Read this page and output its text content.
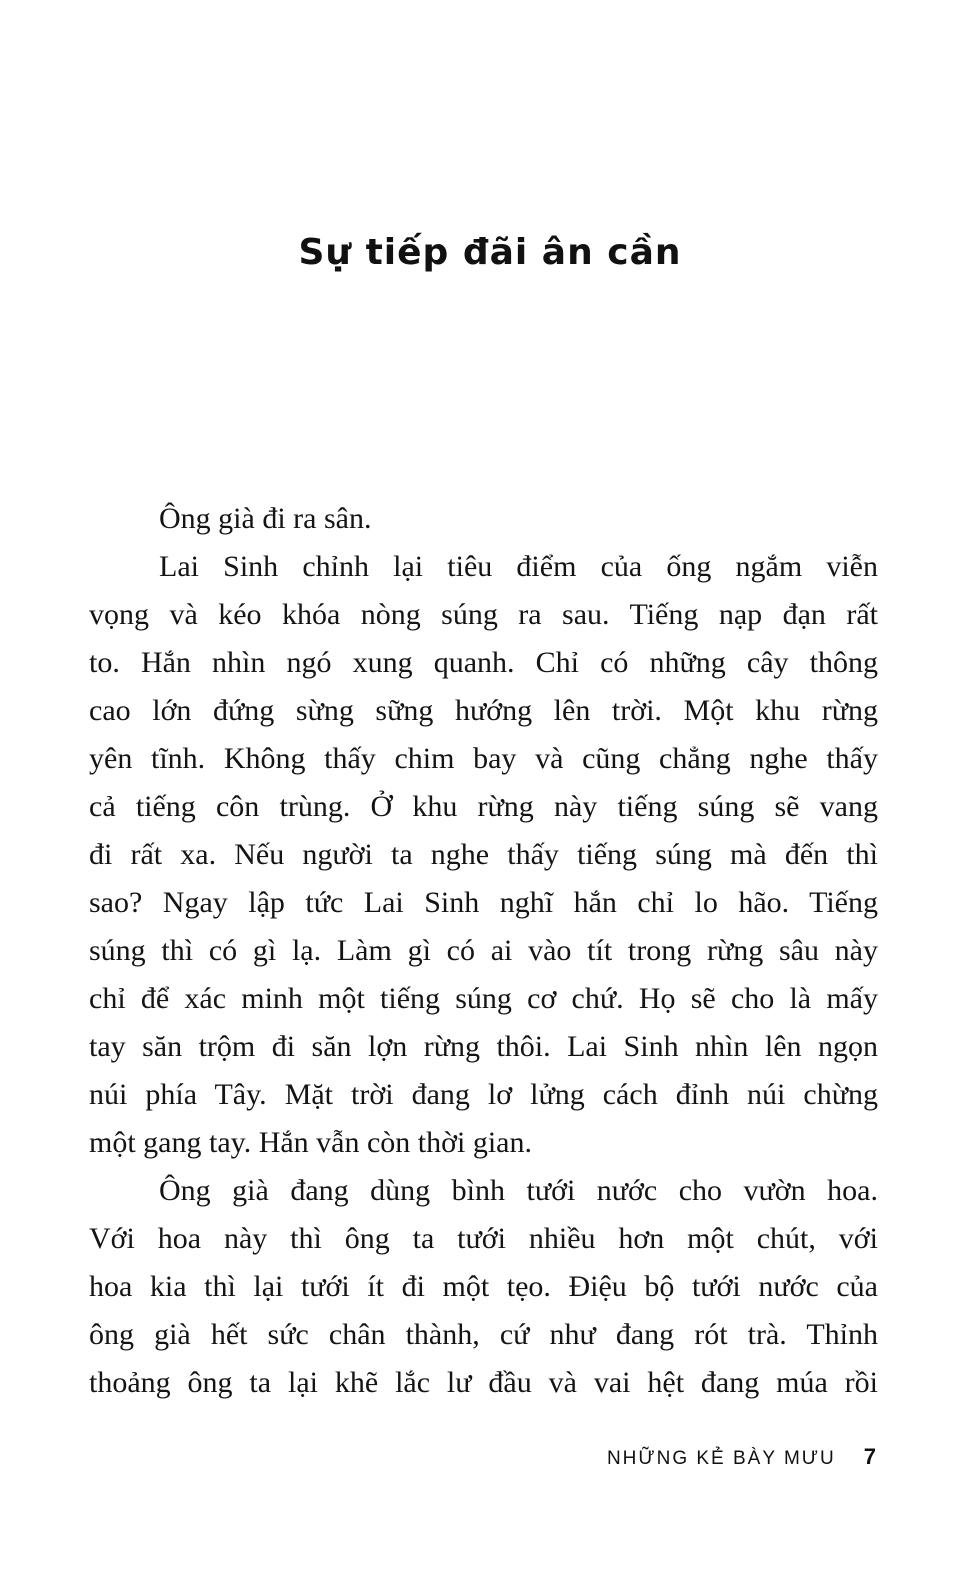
Sự tiếp đãi ân cần
Ông già đi ra sân.
Lai Sinh chỉnh lại tiêu điểm của ống ngắm viễn
vọng và kéo khóa nòng súng ra sau. Tiếng nạp đạn rất
to. Hắn nhìn ngó xung quanh. Chỉ có những cây thông
cao lớn đứng sừng sững hướng lên trời. Một khu rừng
yên tĩnh. Không thấy chim bay và cũng chẳng nghe thấy
cả tiếng côn trùng. Ở khu rừng này tiếng súng sẽ vang
đi rất xa. Nếu người ta nghe thấy tiếng súng mà đến thì
sao? Ngay lập tức Lai Sinh nghĩ hắn chỉ lo hão. Tiếng
súng thì có gì lạ. Làm gì có ai vào tít trong rừng sâu này
chỉ để xác minh một tiếng súng cơ chứ. Họ sẽ cho là mấy
tay săn trộm đi săn lợn rừng thôi. Lai Sinh nhìn lên ngọn
núi phía Tây. Mặt trời đang lơ lửng cách đỉnh núi chừng
một gang tay. Hắn vẫn còn thời gian.
Ông già đang dùng bình tưới nước cho vườn hoa.
Với hoa này thì ông ta tưới nhiều hơn một chút, với
hoa kia thì lại tưới ít đi một tẹo. Điệu bộ tưới nước của
ông già hết sức chân thành, cứ như đang rót trà. Thỉnh
thoảng ông ta lại khẽ lắc lư đầu và vai hệt đang múa rồi
NHỮNG KẺ BÀY MƯU 7
